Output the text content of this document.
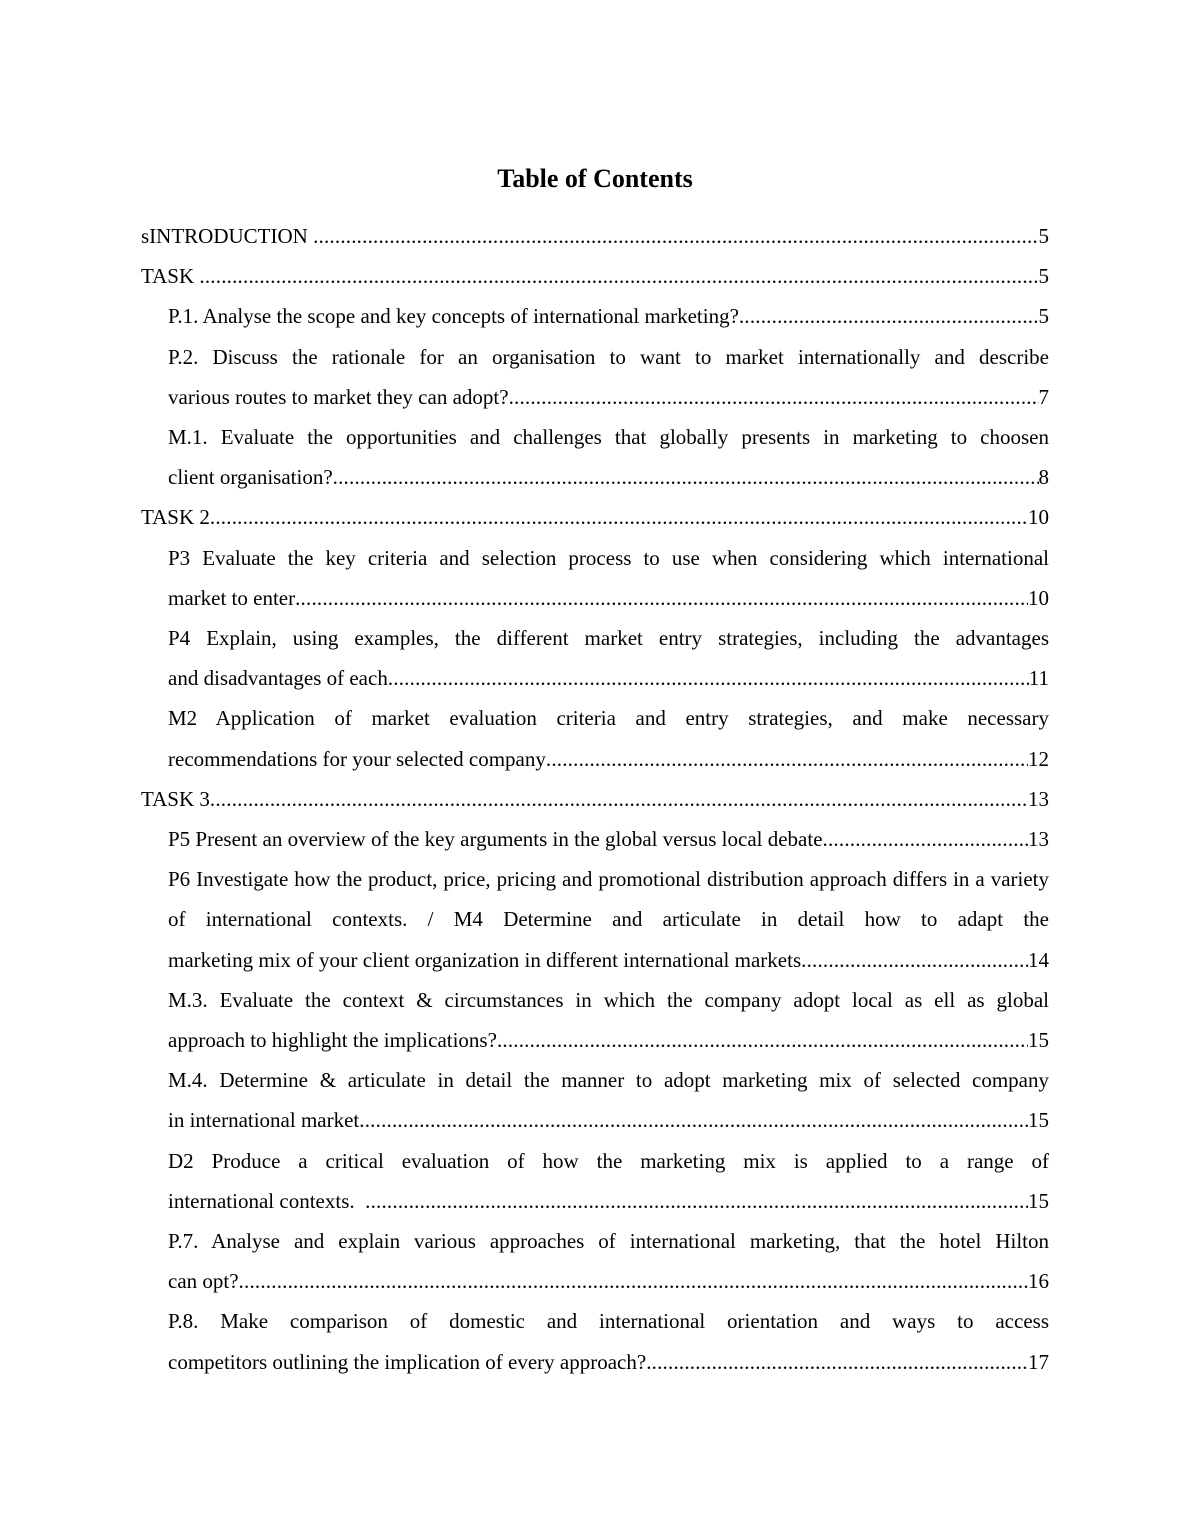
Table of Contents
sINTRODUCTION .....	5
TASK .....	5
P.1. Analyse the scope and key concepts of international marketing? .....	5
P.2. Discuss the rationale for an organisation to want to market internationally and describe
various routes to market they can adopt? .....	7
M.1. Evaluate the opportunities and challenges that globally presents in marketing to choosen
client organisation? .....	8
TASK 2 .....	10
P3 Evaluate the key criteria and selection process to use when considering which international
market to enter .....	10
P4 Explain, using examples, the different market entry strategies, including the advantages
and disadvantages of each .....	11
M2 Application of market evaluation criteria and entry strategies, and make necessary
recommendations for your selected company .....	12
TASK 3 .....	13
P5 Present an overview of the key arguments in the global versus local debate .....	13
P6 Investigate how the product, price, pricing and promotional distribution approach differs in a variety of international contexts. / M4 Determine and articulate in detail how to adapt the
marketing mix of your client organization in different international markets .....	14
M.3. Evaluate the context & circumstances in which the company adopt local as ell as global
approach to highlight the implications? .....	15
M.4. Determine & articulate in detail the manner to adopt marketing mix of selected company
in international market .....	15
D2 Produce a critical evaluation of how the marketing mix is applied to a range of
international contexts. .....	15
P.7. Analyse and explain various approaches of international marketing, that the hotel Hilton
can opt? .....	16
P.8. Make comparison of domestic and international orientation and ways to access
competitors outlining the implication of every approach? .....	17
